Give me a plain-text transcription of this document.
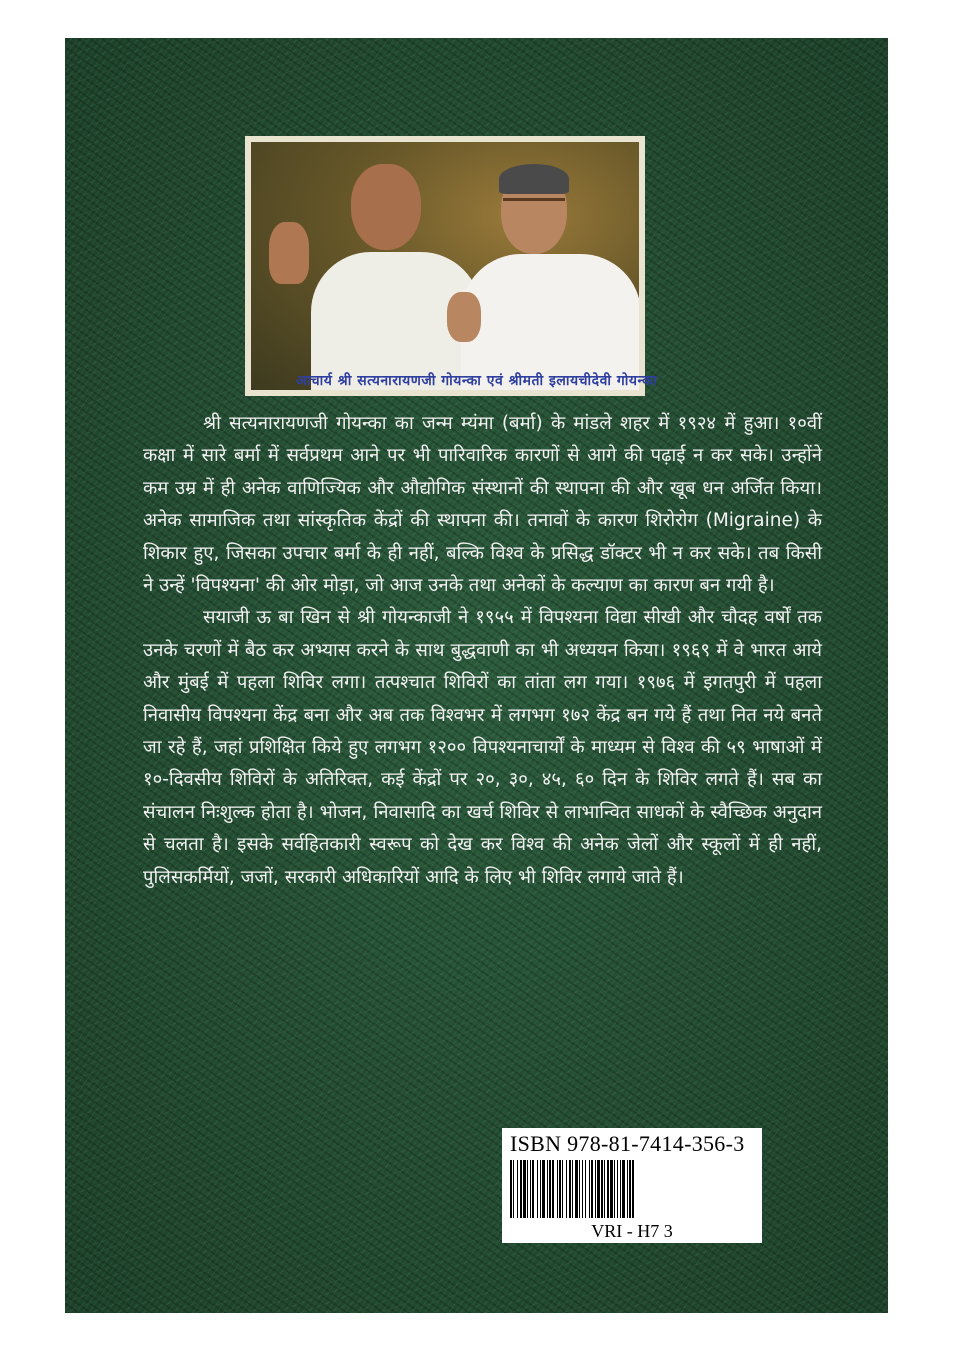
आचार्य श्री सत्यनारायणजी गोयन्का एवं श्रीमती इलायचीदेवी गोयन्का

श्री सत्यनारायणजी गोयन्का का जन्म म्यंमा (बर्मा) के मांडले शहर में १९२४ में हुआ। १०वीं कक्षा में सारे बर्मा में सर्वप्रथम आने पर भी पारिवारिक कारणों से आगे की पढ़ाई न कर सके। उन्होंने कम उम्र में ही अनेक वाणिज्यिक और औद्योगिक संस्थानों की स्थापना की और खूब धन अर्जित किया। अनेक सामाजिक तथा सांस्कृतिक केंद्रों की स्थापना की। तनावों के कारण शिरोरोग (Migraine) के शिकार हुए, जिसका उपचार बर्मा के ही नहीं, बल्कि विश्व के प्रसिद्ध डॉक्टर भी न कर सके। तब किसी ने उन्हें 'विपश्यना' की ओर मोड़ा, जो आज उनके तथा अनेकों के कल्याण का कारण बन गयी है।

सयाजी ऊ बा खिन से श्री गोयन्काजी ने १९५५ में विपश्यना विद्या सीखी और चौदह वर्षों तक उनके चरणों में बैठ कर अभ्यास करने के साथ बुद्धवाणी का भी अध्ययन किया। १९६९ में वे भारत आये और मुंबई में पहला शिविर लगा। तत्पश्चात शिविरों का तांता लग गया। १९७६ में इगतपुरी में पहला निवासीय विपश्यना केंद्र बना और अब तक विश्वभर में लगभग १७२ केंद्र बन गये हैं तथा नित नये बनते जा रहे हैं, जहां प्रशिक्षित किये हुए लगभग १२०० विपश्यनाचार्यों के माध्यम से विश्व की ५९ भाषाओं में १०-दिवसीय शिविरों के अतिरिक्त, कई केंद्रों पर २०, ३०, ४५, ६० दिन के शिविर लगते हैं। सब का संचालन निःशुल्क होता है। भोजन, निवासादि का खर्च शिविर से लाभान्वित साधकों के स्वैच्छिक अनुदान से चलता है। इसके सर्वहितकारी स्वरूप को देख कर विश्व की अनेक जेलों और स्कूलों में ही नहीं, पुलिसकर्मियों, जजों, सरकारी अधिकारियों आदि के लिए भी शिविर लगाये जाते हैं।

ISBN 978-81-7414-356-3
VRI - H7 3
